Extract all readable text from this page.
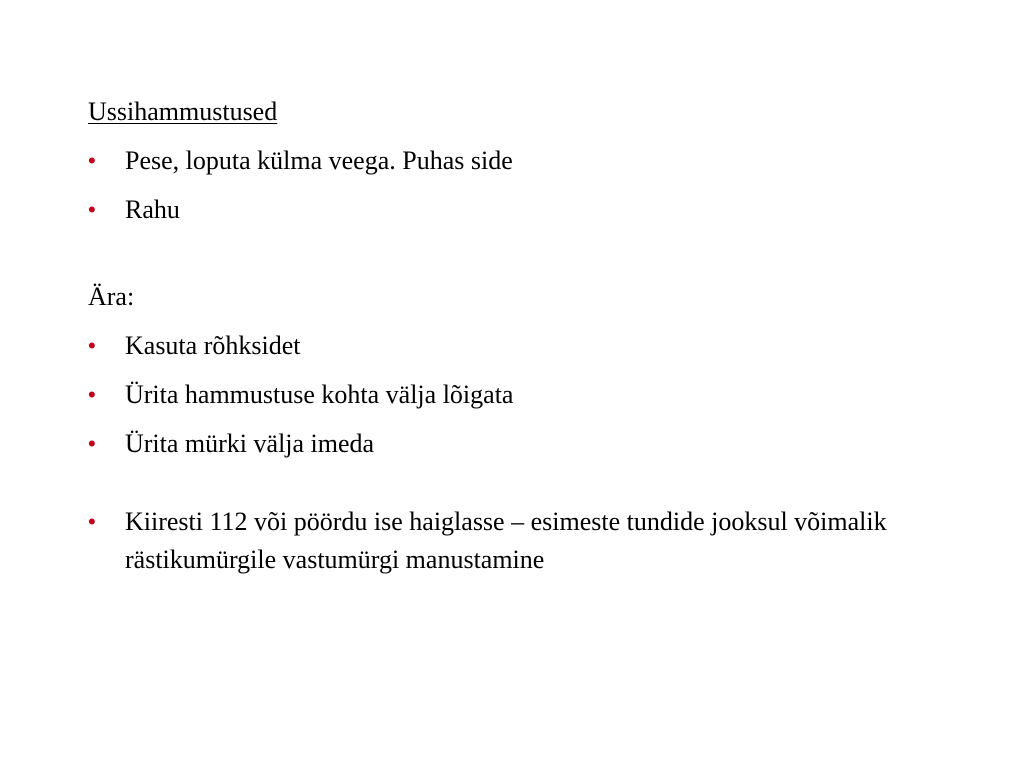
Ussihammustused
•	Pese, loputa külma veega. Puhas side
•	Rahu
Ära:
•	Kasuta rõhksidet
•	Ürita hammustuse kohta välja lõigata
•	Ürita mürki välja imeda
•	Kiiresti 112 või pöördu ise haiglasse – esimeste tundide jooksul võimalik rästikumürgile vastumürgi manustamine
